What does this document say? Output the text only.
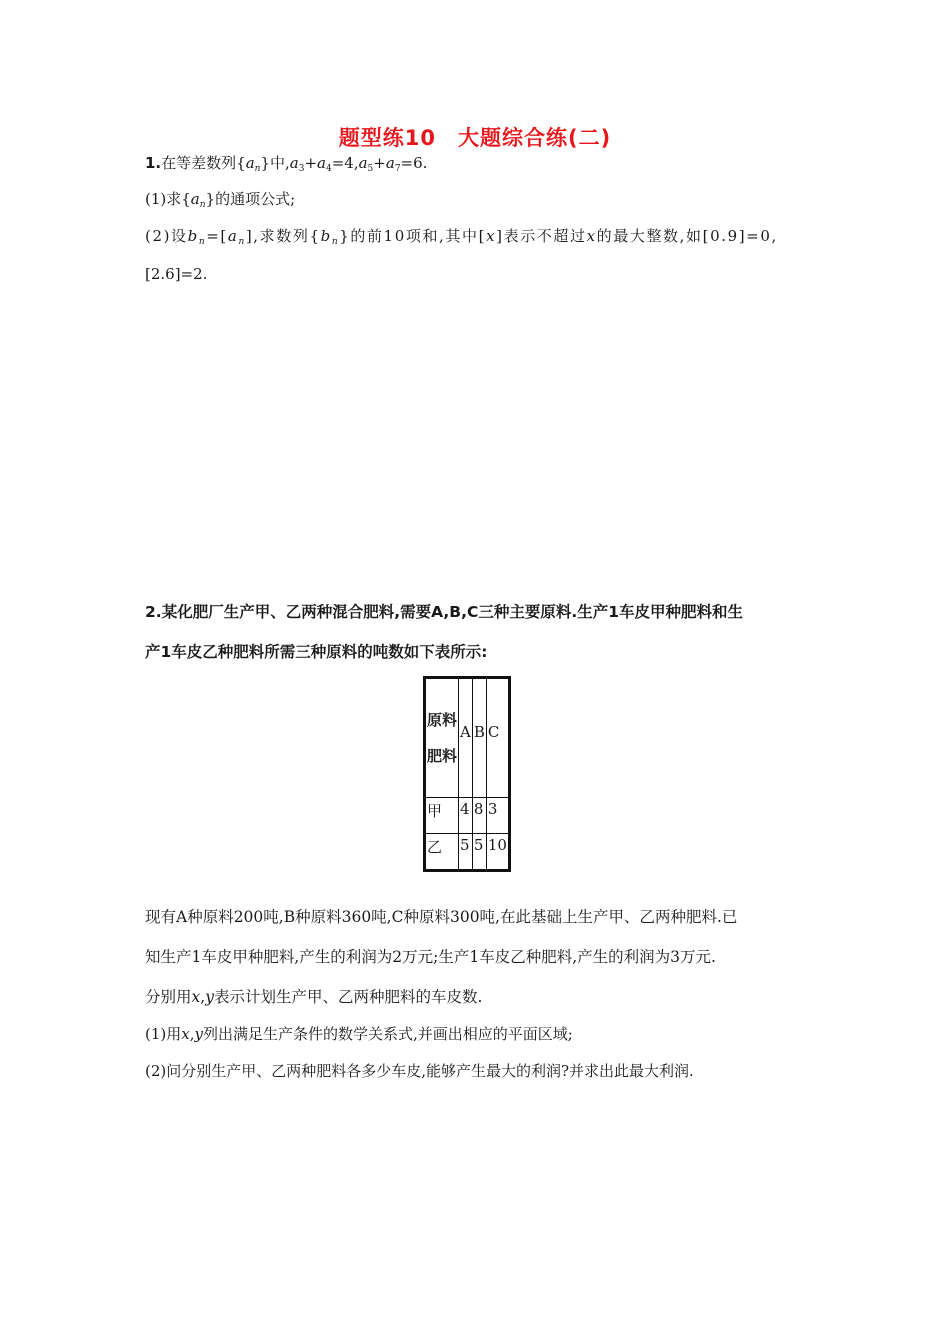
题型练10 大题综合练(二)
1.在等差数列$\{a_n\}$中$,a_3+a_4=4,a_5+a_7=6$.
(1)求$\{a_n\}$的通项公式;
(2)设$b_n=[a_n]$,求数列$\{b_n\}$的前10项和,其中[x]表示不超过x的最大整数,如[0.9]=0,
[2.6]=2.
2.某化肥厂生产甲、乙两种混合肥料,需要A,B,C三种主要原料.生产1车皮甲种肥料和生
产1车皮乙种肥料所需三种原料的吨数如下表所示:
原料
肥料	A	B	C
甲	4	8	3
乙	5	5	10
现有A种原料200吨,B种原料360吨,C种原料300吨,在此基础上生产甲、乙两种肥料.已
知生产1车皮甲种肥料,产生的利润为2万元;生产1车皮乙种肥料,产生的利润为3万元.
分别用x,y表示计划生产甲、乙两种肥料的车皮数.
(1)用x,y列出满足生产条件的数学关系式,并画出相应的平面区域;
(2)问分别生产甲、乙两种肥料各多少车皮,能够产生最大的利润?并求出此最大利润.
